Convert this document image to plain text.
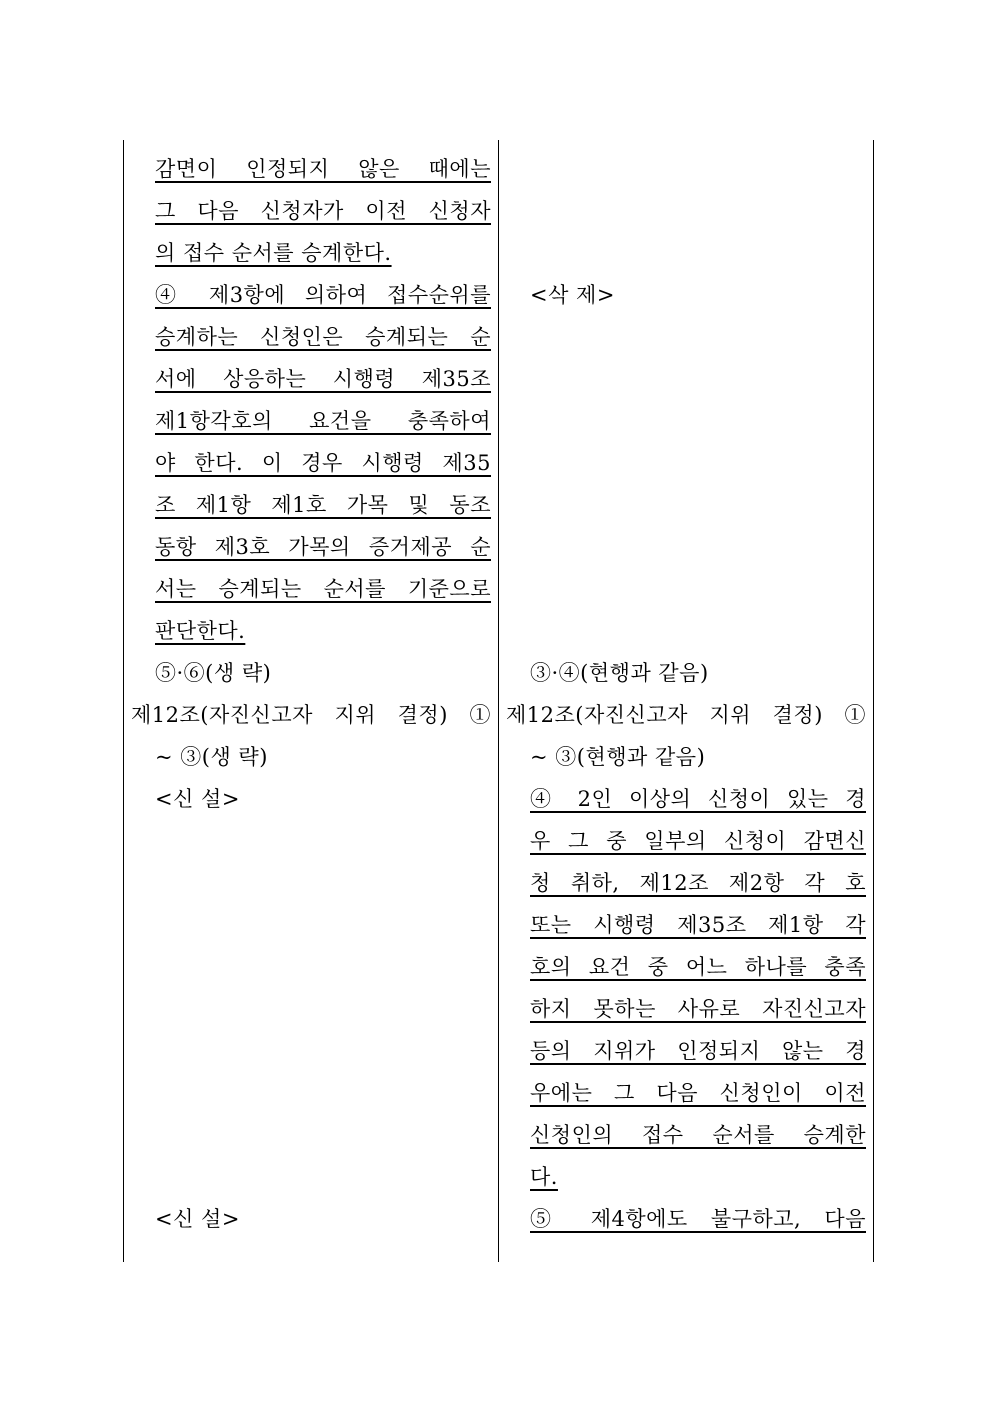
감면이 인정되지 않은 때에는
그 다음 신청자가 이전 신청자
의 접수 순서를 승계한다.
④ 제3항에 의하여 접수순위를
승계하는 신청인은 승계되는 순
서에 상응하는 시행령 제35조
제1항각호의 요건을 충족하여
야 한다. 이 경우 시행령 제35
조 제1항 제1호 가목 및 동조
동항 제3호 가목의 증거제공 순
서는 승계되는 순서를 기준으로
판단한다.
⑤·⑥(생 략)
제12조(자진신고자 지위 결정) ①
~ ③(생 략)
<신 설>
<신 설>
<삭 제>
③·④(현행과 같음)
제12조(자진신고자 지위 결정) ①
~ ③(현행과 같음)
④ 2인 이상의 신청이 있는 경
우 그 중 일부의 신청이 감면신
청 취하, 제12조 제2항 각 호
또는 시행령 제35조 제1항 각
호의 요건 중 어느 하나를 충족
하지 못하는 사유로 자진신고자
등의 지위가 인정되지 않는 경
우에는 그 다음 신청인이 이전
신청인의 접수 순서를 승계한
다.
⑤ 제4항에도 불구하고, 다음
